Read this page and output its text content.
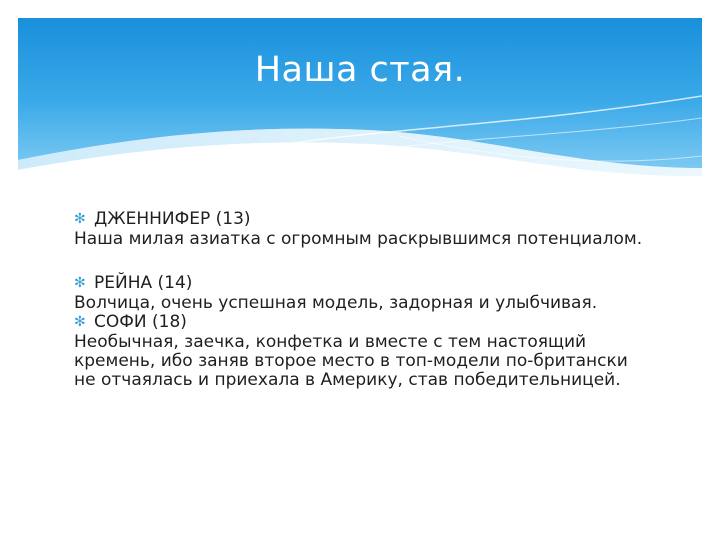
Наша стая.
✻ ДЖЕННИФЕР (13)
Наша милая азиатка с огромным раскрывшимся потенциалом.
✻ РЕЙНА (14)
Волчица, очень успешная модель, задорная и улыбчивая.
✻ СОФИ (18)
Необычная, заечка, конфетка и вместе с тем настоящий кремень, ибо заняв второе место в топ-модели по-британски не отчаялась и приехала в Америку, став победительницей.
